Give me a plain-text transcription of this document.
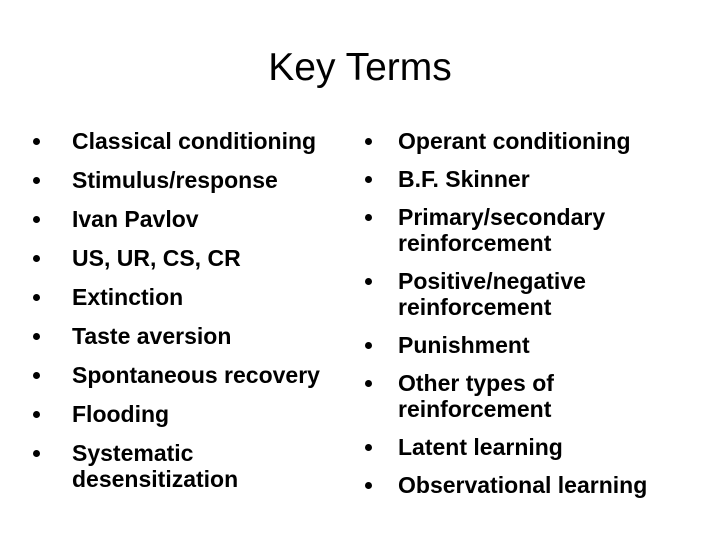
Key Terms
Classical conditioning
Stimulus/response
Ivan Pavlov
US, UR, CS, CR
Extinction
Taste aversion
Spontaneous recovery
Flooding
Systematic desensitization
Operant conditioning
B.F. Skinner
Primary/secondary reinforcement
Positive/negative reinforcement
Punishment
Other types of reinforcement
Latent learning
Observational learning
